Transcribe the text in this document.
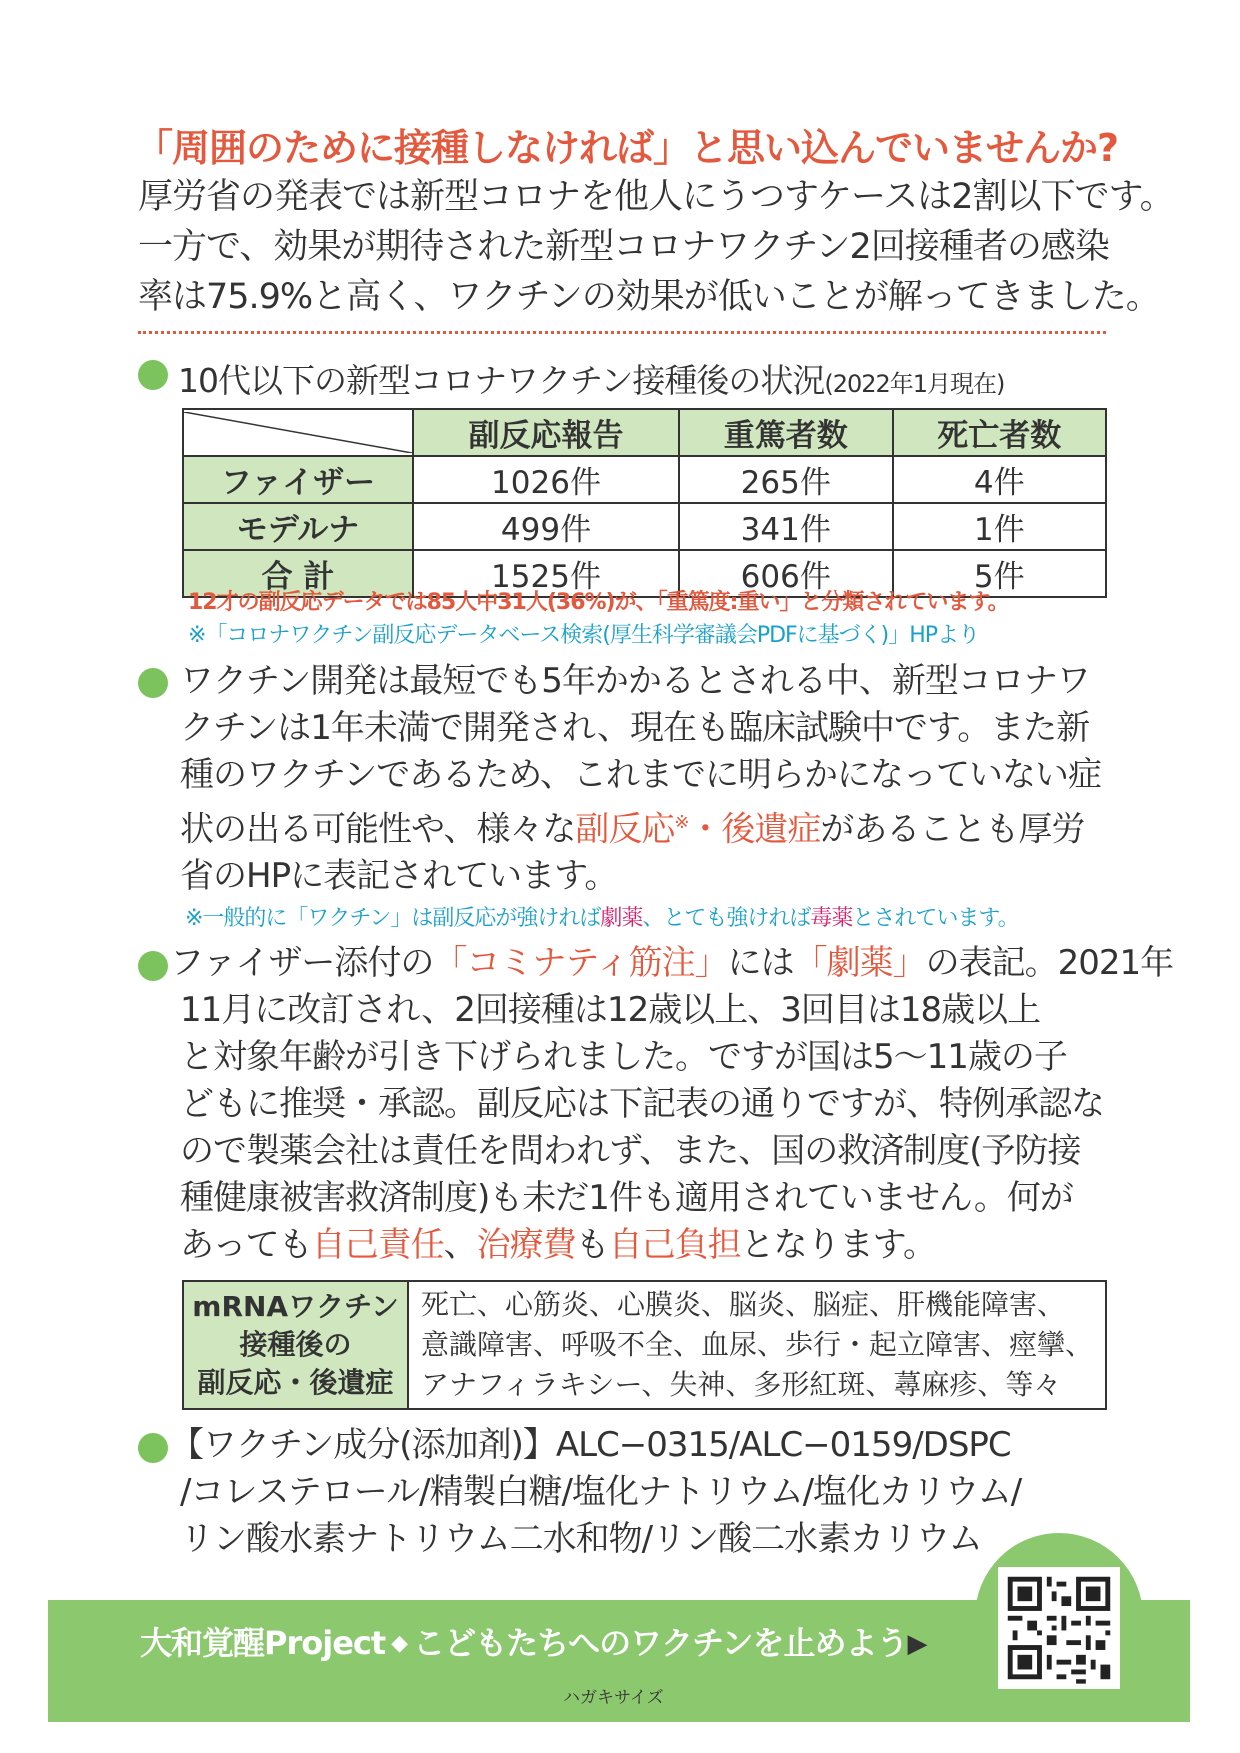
「周囲のために接種しなければ」と思い込んでいませんか?
厚労省の発表では新型コロナを他人にうつすケースは2割以下です。
一方で、効果が期待された新型コロナワクチン2回接種者の感染
率は75.9%と高く、ワクチンの効果が低いことが解ってきました。
10代以下の新型コロナワクチン接種後の状況(2022年1月現在)
	副反応報告	重篤者数	死亡者数
ファイザー	1026件	265件	4件
モデルナ	499件	341件	1件
合 計	1525件	606件	5件
12才の副反応データでは85人中31人(36%)が、「重篤度:重い」と分類されています。
※「コロナワクチン副反応データベース検索(厚生科学審議会PDFに基づく)」HPより
ワクチン開発は最短でも5年かかるとされる中、新型コロナワ
クチンは1年未満で開発され、現在も臨床試験中です。また新
種のワクチンであるため、これまでに明らかになっていない症
状の出る可能性や、様々な副反応※・後遺症があることも厚労
省のHPに表記されています。
※一般的に「ワクチン」は副反応が強ければ劇薬、とても強ければ毒薬とされています。
ファイザー添付の「コミナティ筋注」には「劇薬」の表記。2021年
11月に改訂され、2回接種は12歳以上、3回目は18歳以上
と対象年齢が引き下げられました。ですが国は5〜11歳の子
どもに推奨・承認。副反応は下記表の通りですが、特例承認な
ので製薬会社は責任を問われず、また、国の救済制度(予防接
種健康被害救済制度)も未だ1件も適用されていません。何が
あっても自己責任、治療費も自己負担となります。
mRNAワクチン
接種後の
副反応・後遺症

死亡、心筋炎、心膜炎、脳炎、脳症、肝機能障害、
意識障害、呼吸不全、血尿、歩行・起立障害、痙攣、
アナフィラキシー、失神、多形紅斑、蕁麻疹、等々
【ワクチン成分(添加剤)】ALC−0315/ALC−0159/DSPC
/コレステロール/精製白糖/塩化ナトリウム/塩化カリウム/
リン酸水素ナトリウム二水和物/リン酸二水素カリウム
大和覚醒Project ◆ こどもたちへのワクチンを止めよう▶
ハガキサイズ
